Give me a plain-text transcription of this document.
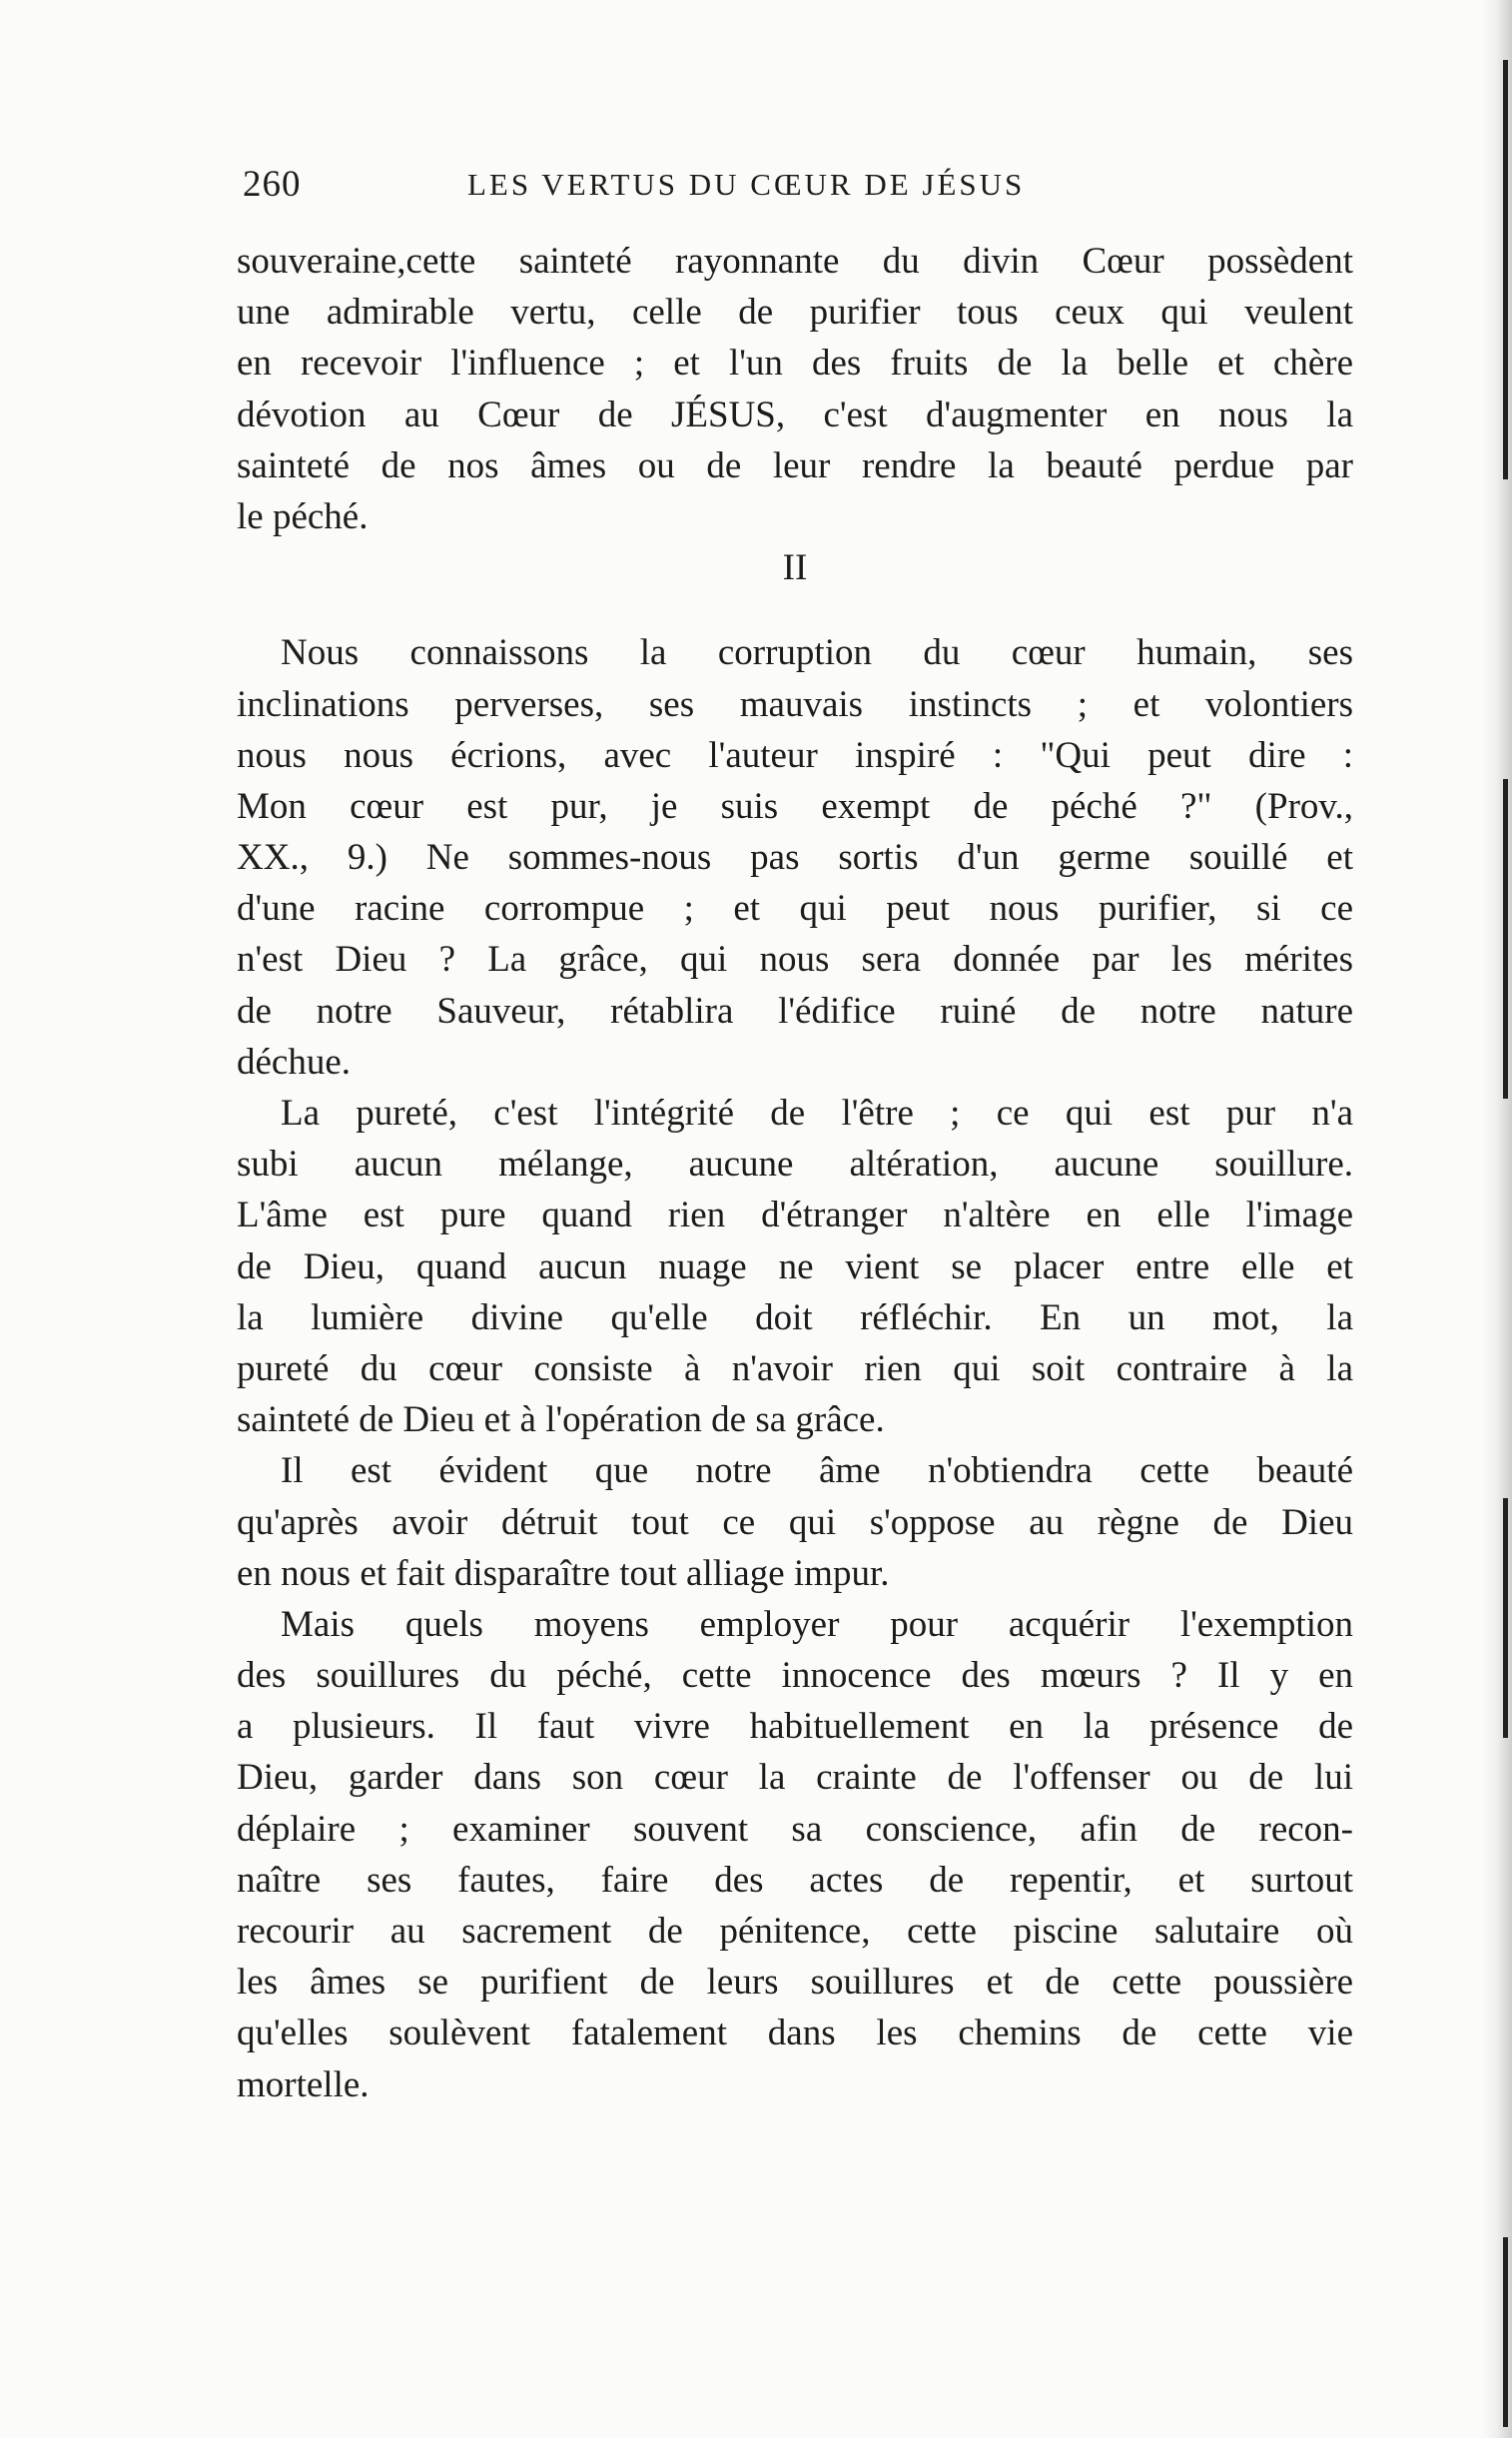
260	LES VERTUS DU CŒUR DE JÉSUS
souveraine,cette sainteté rayonnante du divin Cœur possèdent
une admirable vertu, celle de purifier tous ceux qui veulent
en recevoir l'influence ; et l'un des fruits de la belle et chère
dévotion au Cœur de JÉSUS, c'est d'augmenter en nous la
sainteté de nos âmes ou de leur rendre la beauté perdue par
le péché.
II
Nous connaissons la corruption du cœur humain, ses
inclinations perverses, ses mauvais instincts ; et volontiers
nous nous écrions, avec l'auteur inspiré : "Qui peut dire :
Mon cœur est pur, je suis exempt de péché ?" (Prov.,
XX., 9.) Ne sommes-nous pas sortis d'un germe souillé et
d'une racine corrompue ; et qui peut nous purifier, si ce
n'est Dieu ? La grâce, qui nous sera donnée par les mérites
de notre Sauveur, rétablira l'édifice ruiné de notre nature
déchue.
La pureté, c'est l'intégrité de l'être ; ce qui est pur n'a
subi aucun mélange, aucune altération, aucune souillure.
L'âme est pure quand rien d'étranger n'altère en elle l'image
de Dieu, quand aucun nuage ne vient se placer entre elle et
la lumière divine qu'elle doit réfléchir. En un mot, la
pureté du cœur consiste à n'avoir rien qui soit contraire à la
sainteté de Dieu et à l'opération de sa grâce.
Il est évident que notre âme n'obtiendra cette beauté
qu'après avoir détruit tout ce qui s'oppose au règne de Dieu
en nous et fait disparaître tout alliage impur.
Mais quels moyens employer pour acquérir l'exemption
des souillures du péché, cette innocence des mœurs ? Il y en
a plusieurs. Il faut vivre habituellement en la présence de
Dieu, garder dans son cœur la crainte de l'offenser ou de lui
déplaire ; examiner souvent sa conscience, afin de recon-
naître ses fautes, faire des actes de repentir, et surtout
recourir au sacrement de pénitence, cette piscine salutaire où
les âmes se purifient de leurs souillures et de cette poussière
qu'elles soulèvent fatalement dans les chemins de cette vie
mortelle.
